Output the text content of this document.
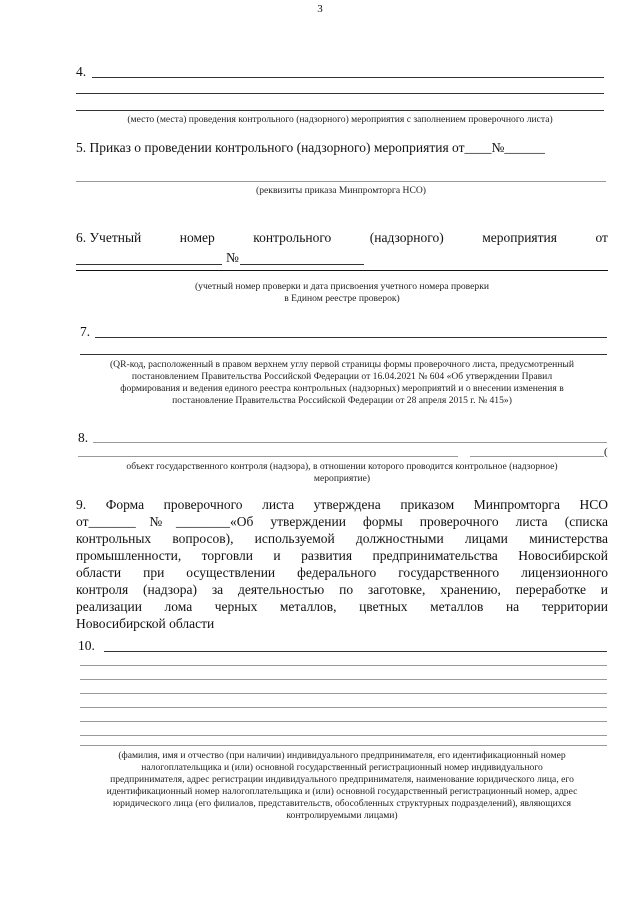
3
4.
(место (места) проведения контрольного (надзорного) мероприятия с заполнением проверочного листа)
5. Приказ о проведении контрольного (надзорного) мероприятия от____№______
(реквизиты приказа Минпромторга НСО)
6. Учетный	номер	контрольного	(надзорного)	мероприятия	от
№
(учетный номер проверки и дата присвоения учетного номера проверки
в Едином реестре проверок)
7.
(QR-код, расположенный в правом верхнем углу первой страницы формы проверочного листа, предусмотренный
постановлением Правительства Российской Федерации от 16.04.2021 № 604 «Об утверждении Правил
формирования и ведения единого реестра контрольных (надзорных) мероприятий и о внесении изменения в
постановление Правительства Российской Федерации от 28 апреля 2015 г. № 415»)
8.
(
объект государственного контроля (надзора), в отношении которого проводится контрольное (надзорное)
мероприятие)
9. Форма проверочного листа утверждена приказом Минпромторга НСО
от_______№________«Об утверждении формы проверочного листа (списка
контрольных вопросов), используемой должностными лицами министерства
промышленности, торговли и развития предпринимательства Новосибирской
области при осуществлении федерального государственного лицензионного
контроля (надзора) за деятельностью по заготовке, хранению, переработке и
реализации лома черных металлов, цветных металлов на территории
Новосибирской области
10.
(фамилия, имя и отчество (при наличии) индивидуального предпринимателя, его идентификационный номер
налогоплательщика и (или) основной государственный регистрационный номер индивидуального
предпринимателя, адрес регистрации индивидуального предпринимателя, наименование юридического лица, его
идентификационный номер налогоплательщика и (или) основной государственный регистрационный номер, адрес
юридического лица (его филиалов, представительств, обособленных структурных подразделений), являющихся
контролируемыми лицами)
